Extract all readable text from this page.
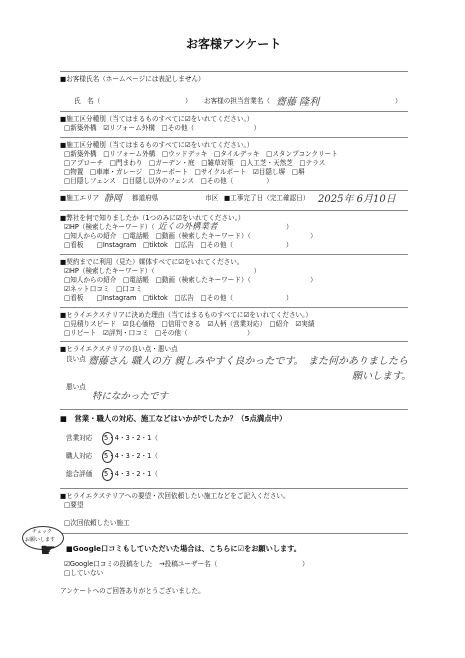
お客様アンケート
■お客様氏名（ホームページには表記しません）
氏　名（	） お客様の担当営業名（ 齋藤 隆利	）
■施工区分種別（当てはまるものすべてに☑をいれてください。）
□新築外構　☑リフォーム外構　□その他（　　　　　　　　　）
■施工区分種別（当てはまるものすべてに☑をいれてください。）
□新築外構　□リフォーム外構　□ウッドデッキ　□タイルデッキ　□スタンプコンクリート
□アプローチ　□門まわり　□ガーデン・庭　□雑草対策　□人工芝・天然芝　□テラス
□物置　□車庫・ガレージ　□カーポート　□サイクルポート　☑目隠し塀　□塀
□目隠しフェンス　□目隠し以外のフェンス　□その他（　　　　　）
■施工エリア 静岡 都道府県	市区 ■工事完了日（完工確認日） 2025年 6月10日
■弊社を何で知りましたか（1つのみに☑をいれてください。）
☑HP（検索したキーワード）（ 近くの外構業者	）
□知人からの紹介　□電話帳　□動画（検索したキーワード）（　　　　　　　　　）
□看板　　□Instagram　□tiktok　□広告　□その他（　　　　　　　　）
■契約までに利用（見た）媒体すべてに☑をいれてください。
☑HP（検索したキーワード）（　　　　　　　　　　　　　　　）
□知人からの紹介　□電話帳　□動画（検索したキーワード）（　　　　　　　　　）
☑ネット口コミ　□口コミ
□看板　　□Instagram　□tiktok　□広告　□その他（　　　　　　　　）
■ヒライエクステリアに決めた理由（当てはまるものすべてに☑をいれてください。）
□見積りスピード　☑良心価格　□信用できる　☑人柄（営業対応）　□紹介　☑実績
□リピート　☑評判・口コミ　□その他（　　　　　　　　　）
■ヒライエクステリアの良い点・悪い点
良い点 齋藤さん 職人の方 親しみやすく良かったです。 また何かありましたら
願いします。
悪い点
特になかったです
■　営業・職人の対応、施工などはいかがでしたか？（5点満点中）
営業対応 5・4・3・2・1（
職人対応 5・4・3・2・1（
総合評価 5・4・3・2・1（
■ヒライエクステリアへの要望・次回依頼したい施工などをご記入ください。
□要望
□次回依頼したい施工
チェック
お願いします
☛ ■Google口コミもしていただいた場合は、こちらに☑をお願いします。
☑Google口コミの投稿をした　→投稿ユーザー名（	）
□していない
アンケートへのご回答ありがとうございました。
